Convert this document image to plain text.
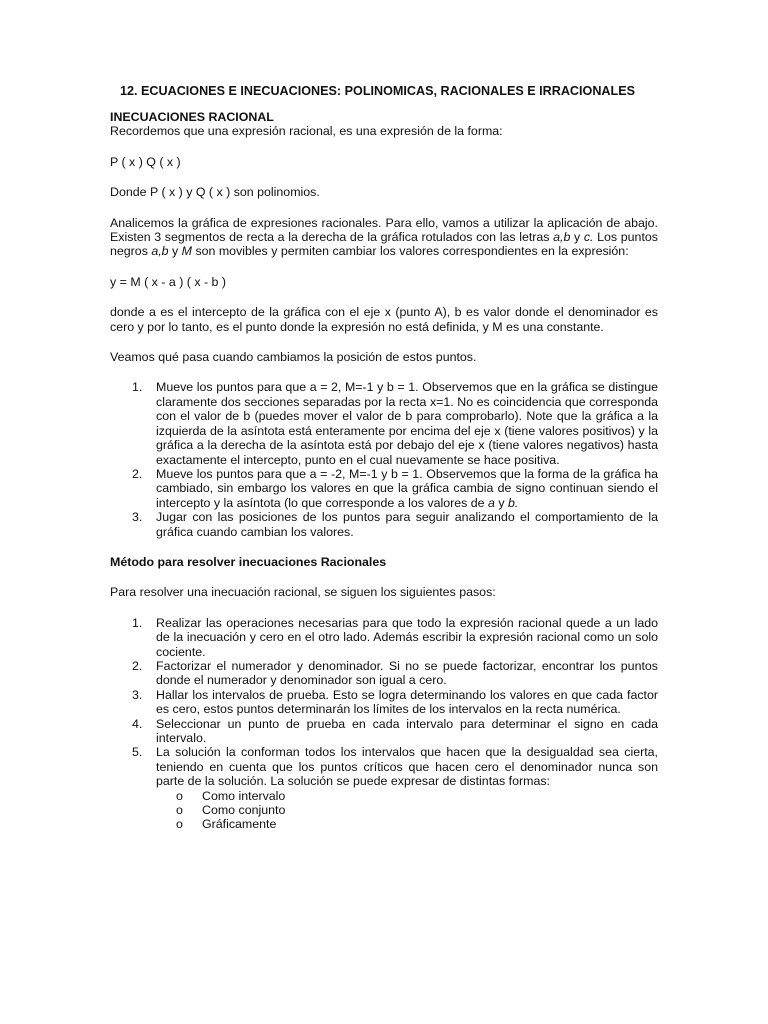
12. ECUACIONES E INECUACIONES: POLINOMICAS, RACIONALES E IRRACIONALES

INECUACIONES RACIONAL

Recordemos que una expresión racional, es una expresión de la forma:

P ( x ) Q ( x )

Donde P ( x ) y Q ( x ) son polinomios.

Analicemos la gráfica de expresiones racionales. Para ello, vamos a utilizar la aplicación de abajo. Existen 3 segmentos de recta a la derecha de la gráfica rotulados con las letras a,b y c. Los puntos negros a,b y M son movibles y permiten cambiar los valores correspondientes en la expresión:

y = M ( x - a ) ( x - b )

donde a es el intercepto de la gráfica con el eje x (punto A), b es valor donde el denominador es cero y por lo tanto, es el punto donde la expresión no está definida, y M es una constante.

Veamos qué pasa cuando cambiamos la posición de estos puntos.

1. Mueve los puntos para que a = 2, M=-1 y b = 1. Observemos que en la gráfica se distingue claramente dos secciones separadas por la recta x=1. No es coincidencia que corresponda con el valor de b (puedes mover el valor de b para comprobarlo). Note que la gráfica a la izquierda de la asíntota está enteramente por encima del eje x (tiene valores positivos) y la gráfica a la derecha de la asíntota está por debajo del eje x (tiene valores negativos) hasta exactamente el intercepto, punto en el cual nuevamente se hace positiva.
2. Mueve los puntos para que a = -2, M=-1 y b = 1. Observemos que la forma de la gráfica ha cambiado, sin embargo los valores en que la gráfica cambia de signo continuan siendo el intercepto y la asíntota (lo que corresponde a los valores de a y b.
3. Jugar con las posiciones de los puntos para seguir analizando el comportamiento de la gráfica cuando cambian los valores.

Método para resolver inecuaciones Racionales

Para resolver una inecuación racional, se siguen los siguientes pasos:

1. Realizar las operaciones necesarias para que todo la expresión racional quede a un lado de la inecuación y cero en el otro lado. Además escribir la expresión racional como un solo cociente.
2. Factorizar el numerador y denominador. Si no se puede factorizar, encontrar los puntos donde el numerador y denominador son igual a cero.
3. Hallar los intervalos de prueba. Esto se logra determinando los valores en que cada factor es cero, estos puntos determinarán los límites de los intervalos en la recta numérica.
4. Seleccionar un punto de prueba en cada intervalo para determinar el signo en cada intervalo.
5. La solución la conforman todos los intervalos que hacen que la desigualdad sea cierta, teniendo en cuenta que los puntos críticos que hacen cero el denominador nunca son parte de la solución. La solución se puede expresar de distintas formas:
o Como intervalo
o Como conjunto
o Gráficamente
